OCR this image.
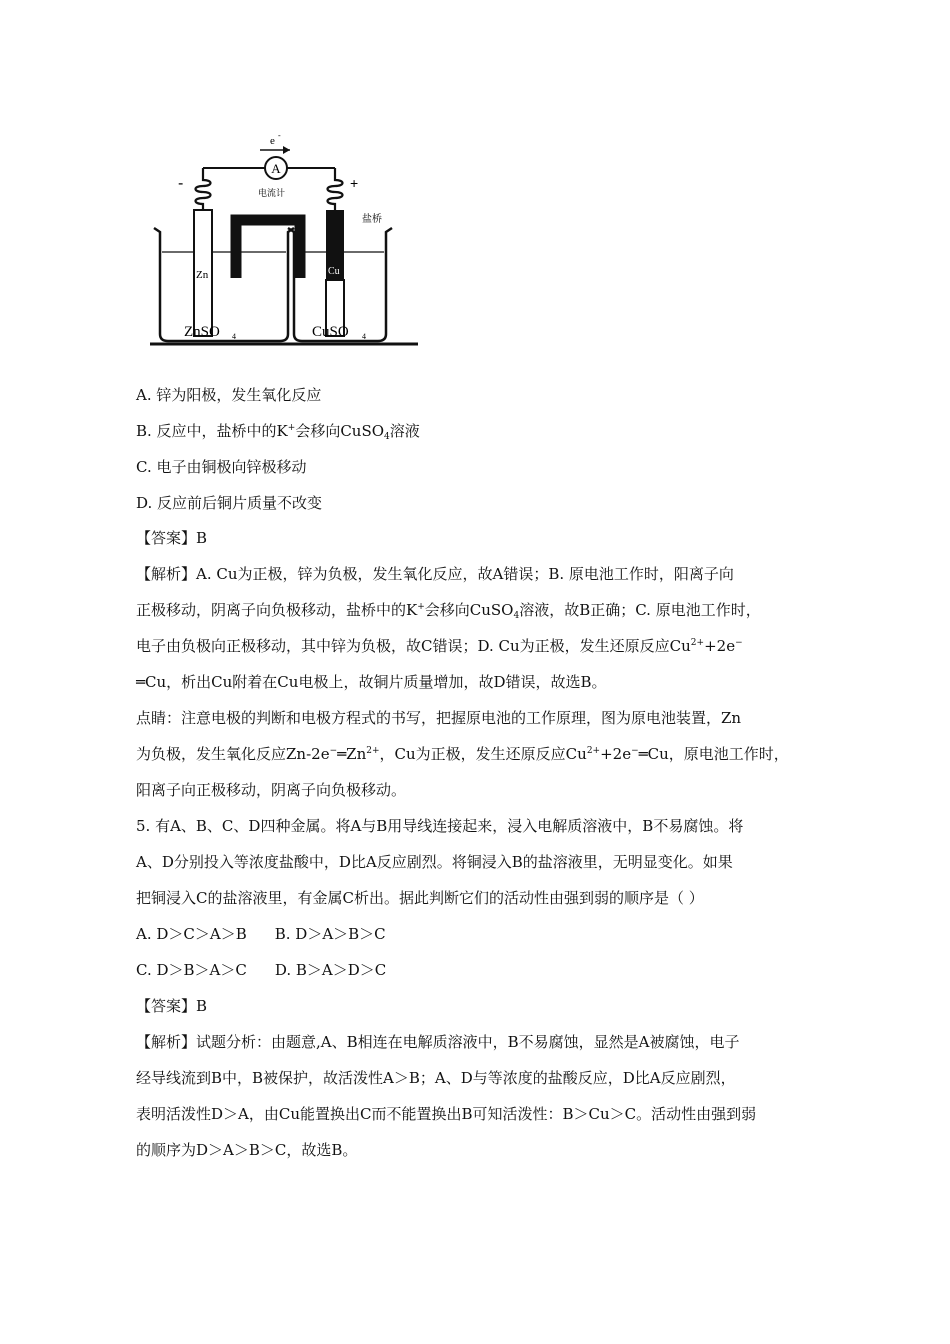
A
e -
电流计
-	+
盐桥
Zn	Cu
ZnSO 4	CuSO 4
A. 锌为阳极，发生氧化反应
B. 反应中，盐桥中的K+会移向CuSO$_4$溶液
C. 电子由铜极向锌极移动
D. 反应前后铜片质量不改变
【答案】B
【解析】A. Cu为正极，锌为负极，发生氧化反应，故A错误；B. 原电池工作时，阳离子向
正极移动，阴离子向负极移动，盐桥中的K+会移向CuSO$_4$溶液，故B正确；C. 原电池工作时，
电子由负极向正极移动，其中锌为负极，故C错误；D. Cu为正极，发生还原反应$Cu^{2+}+2e^-$
═Cu，析出Cu附着在Cu电极上，故铜片质量增加，故D错误，故选B。
点睛：注意电极的判断和电极方程式的书写，把握原电池的工作原理，图为原电池装置，Zn
为负极，发生氧化反应$Zn-2e^-═Zn^{2+}$，Cu为正极，发生还原反应$Cu^{2+}+2e^-═Cu$，原电池工作时，
阳离子向正极移动，阴离子向负极移动。
5. 有A、B、C、D四种金属。将A与B用导线连接起来，浸入电解质溶液中，B不易腐蚀。将
A、D分别投入等浓度盐酸中，D比A反应剧烈。将铜浸入B的盐溶液里，无明显变化。如果
把铜浸入C的盐溶液里，有金属C析出。据此判断它们的活动性由强到弱的顺序是（ ）
A. D＞C＞A＞B B. D＞A＞B＞C
C. D＞B＞A＞C D. B＞A＞D＞C
【答案】B
【解析】试题分析：由题意,A、B相连在电解质溶液中，B不易腐蚀，显然是A被腐蚀，电子
经导线流到B中，B被保护，故活泼性A＞B；A、D与等浓度的盐酸反应，D比A反应剧烈，
表明活泼性D＞A，由Cu能置换出C而不能置换出B可知活泼性：B＞Cu＞C。活动性由强到弱
的顺序为D＞A＞B＞C，故选B。
